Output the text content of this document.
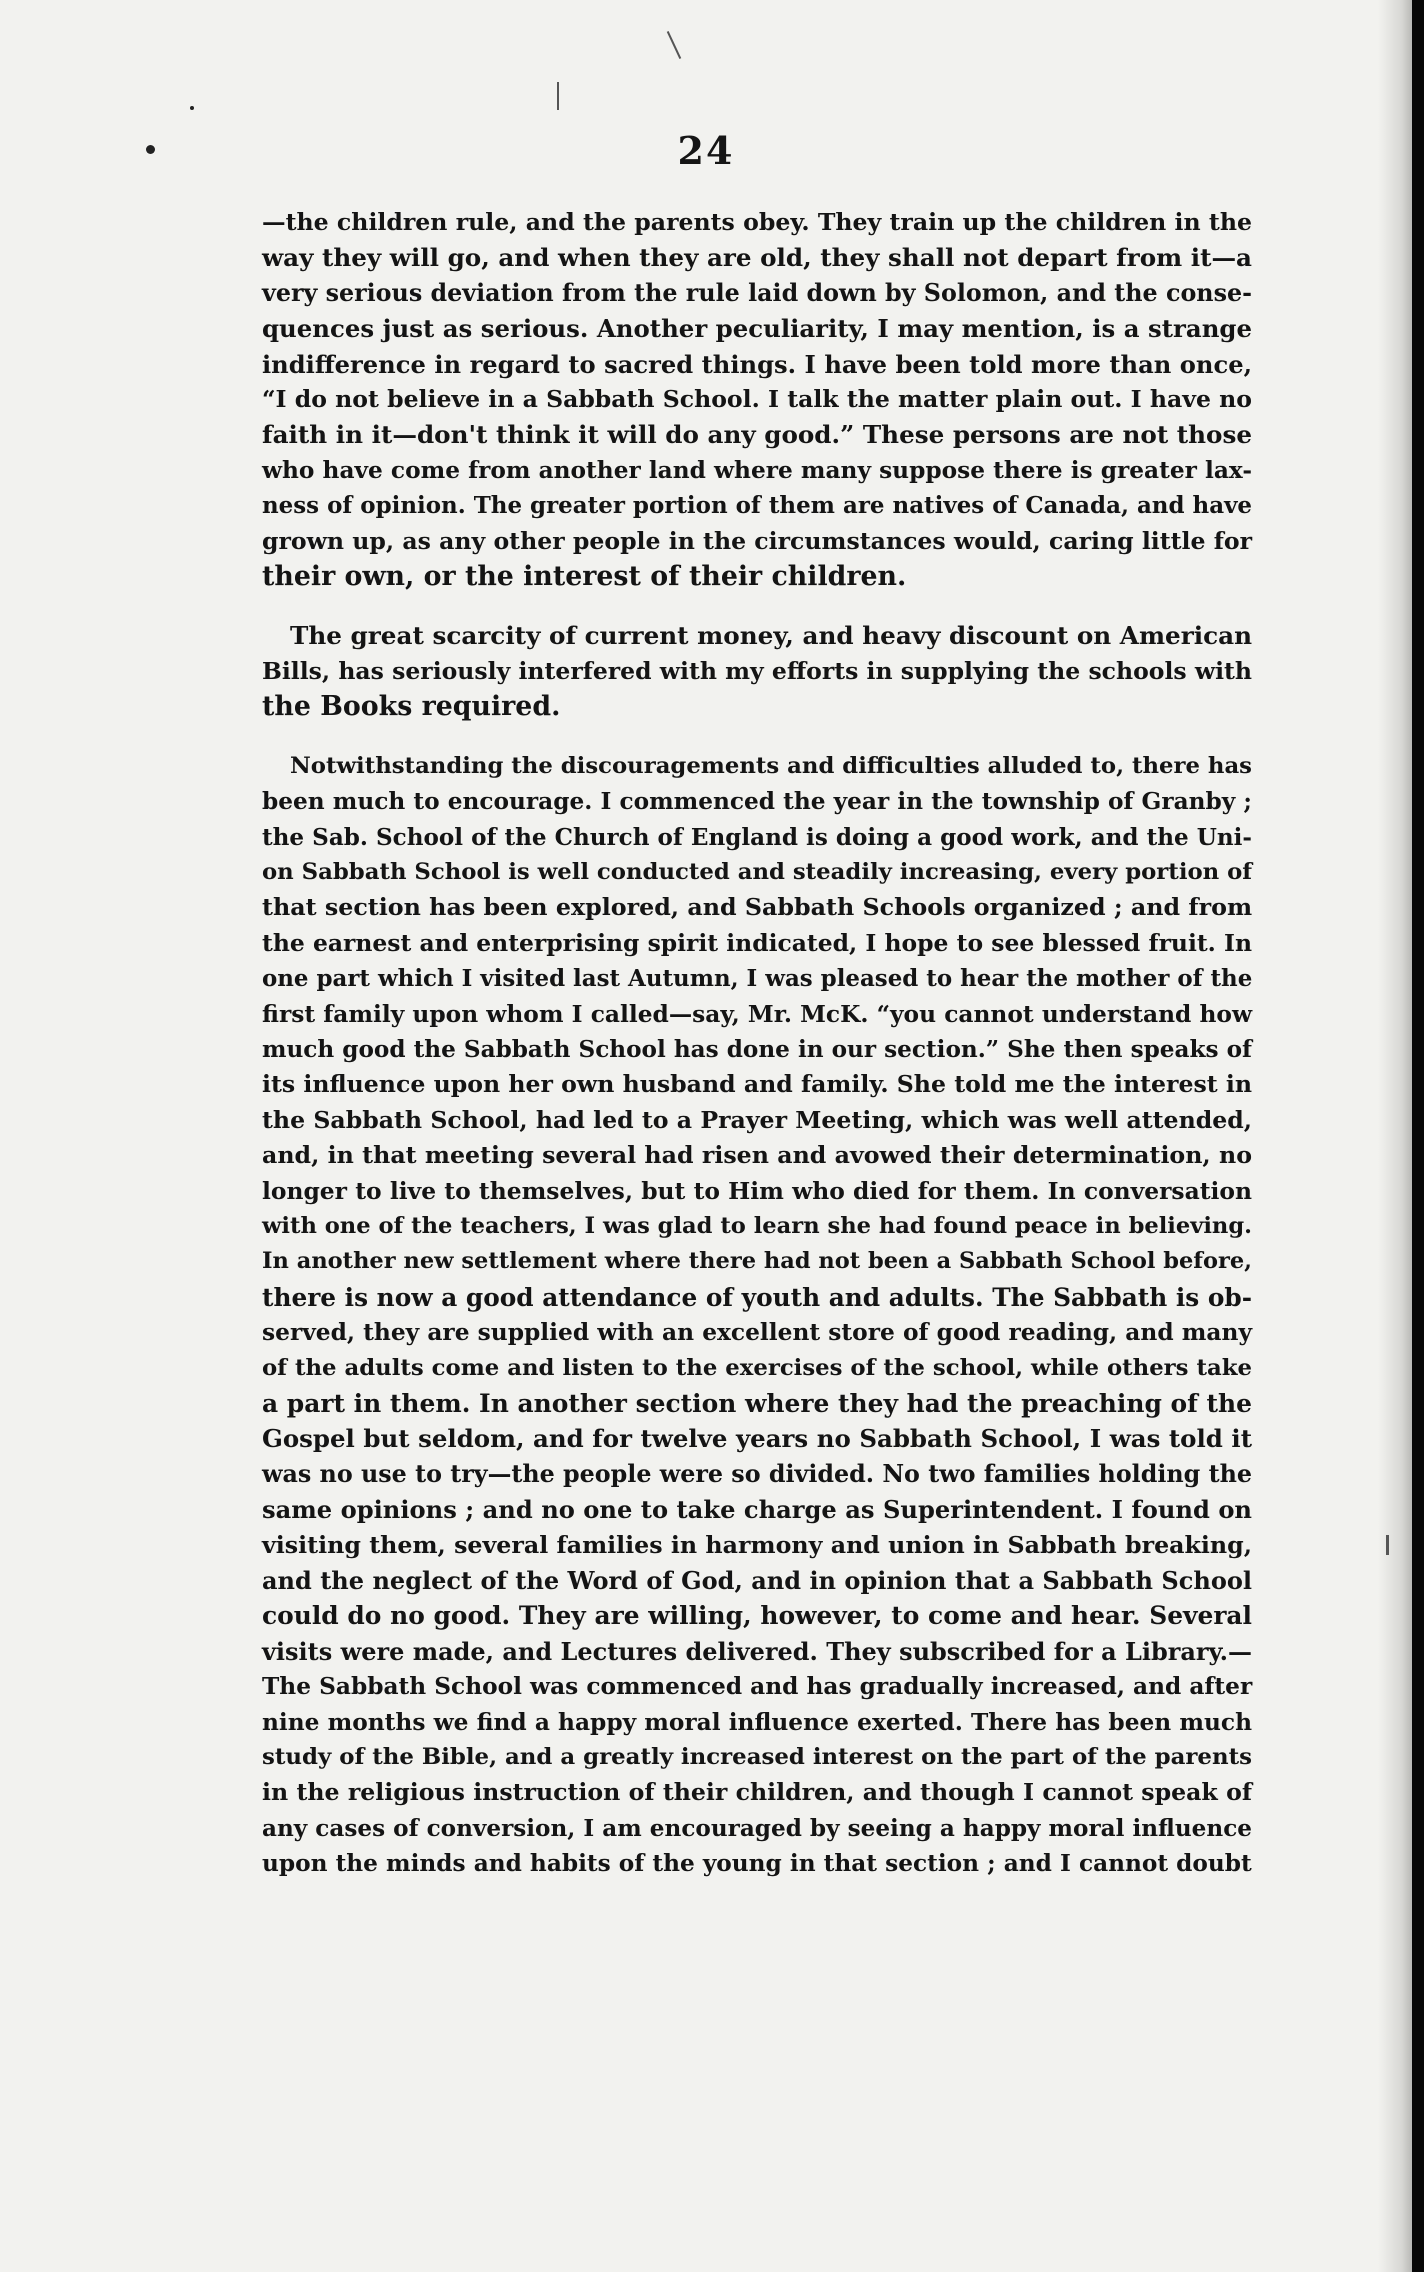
24

—the children rule, and the parents obey. They train up the children in the
way they will go, and when they are old, they shall not depart from it—a
very serious deviation from the rule laid down by Solomon, and the conse-
quences just as serious. Another peculiarity, I may mention, is a strange
indifference in regard to sacred things. I have been told more than once,
“I do not believe in a Sabbath School. I talk the matter plain out. I have no
faith in it—don't think it will do any good.” These persons are not those
who have come from another land where many suppose there is greater lax-
ness of opinion. The greater portion of them are natives of Canada, and have
grown up, as any other people in the circumstances would, caring little for
their own, or the interest of their children.

The great scarcity of current money, and heavy discount on American
Bills, has seriously interfered with my efforts in supplying the schools with
the Books required.

Notwithstanding the discouragements and difficulties alluded to, there has
been much to encourage. I commenced the year in the township of Granby ;
the Sab. School of the Church of England is doing a good work, and the Uni-
on Sabbath School is well conducted and steadily increasing, every portion of
that section has been explored, and Sabbath Schools organized ; and from
the earnest and enterprising spirit indicated, I hope to see blessed fruit. In
one part which I visited last Autumn, I was pleased to hear the mother of the
first family upon whom I called—say, Mr. McK. “you cannot understand how
much good the Sabbath School has done in our section.” She then speaks of
its influence upon her own husband and family. She told me the interest in
the Sabbath School, had led to a Prayer Meeting, which was well attended,
and, in that meeting several had risen and avowed their determination, no
longer to live to themselves, but to Him who died for them. In conversation
with one of the teachers, I was glad to learn she had found peace in believing.
In another new settlement where there had not been a Sabbath School before,
there is now a good attendance of youth and adults. The Sabbath is ob-
served, they are supplied with an excellent store of good reading, and many
of the adults come and listen to the exercises of the school, while others take
a part in them. In another section where they had the preaching of the
Gospel but seldom, and for twelve years no Sabbath School, I was told it
was no use to try—the people were so divided. No two families holding the
same opinions ; and no one to take charge as Superintendent. I found on
visiting them, several families in harmony and union in Sabbath breaking,
and the neglect of the Word of God, and in opinion that a Sabbath School
could do no good. They are willing, however, to come and hear. Several
visits were made, and Lectures delivered. They subscribed for a Library.—
The Sabbath School was commenced and has gradually increased, and after
nine months we find a happy moral influence exerted. There has been much
study of the Bible, and a greatly increased interest on the part of the parents
in the religious instruction of their children, and though I cannot speak of
any cases of conversion, I am encouraged by seeing a happy moral influence
upon the minds and habits of the young in that section ; and I cannot doubt
